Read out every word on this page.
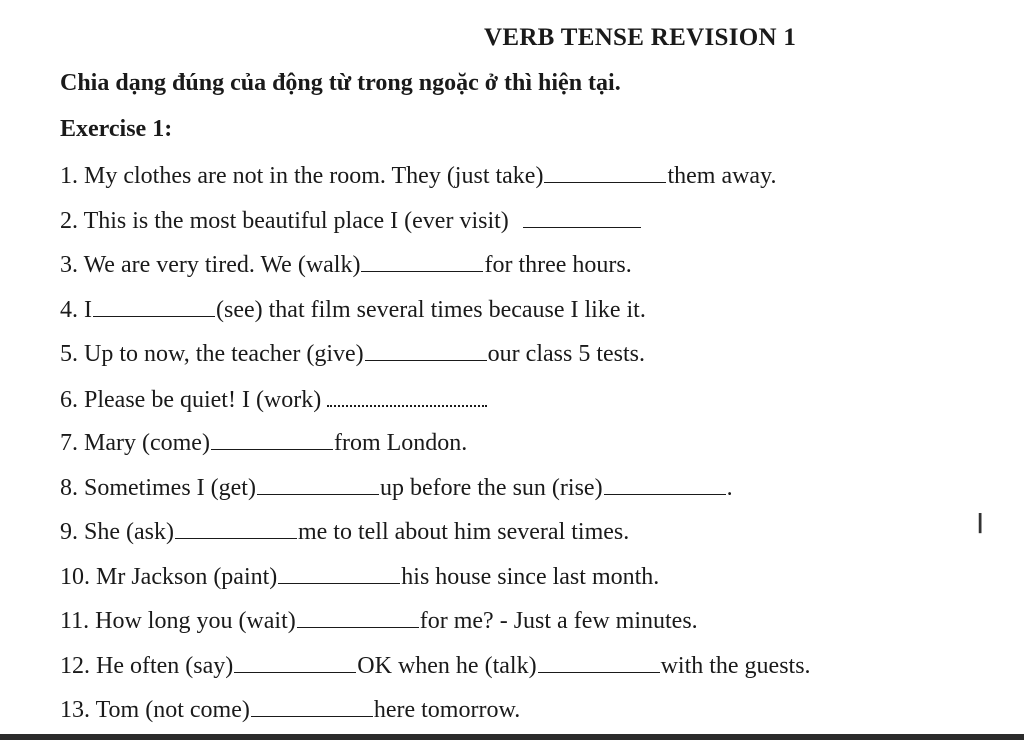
VERB TENSE REVISION 1
Chia dạng đúng của động từ trong ngoặc ở thì hiện tại.
Exercise 1:
1. My clothes are not in the room. They (just take)	them away.
2. This is the most beautiful place I (ever visit)
3. We are very tired. We (walk)	for three hours.
4. I	(see) that film several times because I like it.
5. Up to now, the teacher (give)	our class 5 tests.
6. Please be quiet! I (work)
7. Mary (come)	from London.
8. Sometimes I (get)	up before the sun (rise)	.
9. She (ask)	me to tell about him several times.
10. Mr Jackson (paint)	his house since last month.
11. How long you (wait)	for me? - Just a few minutes.
12. He often (say)	OK when he (talk)	with the guests.
13. Tom (not come)	here tomorrow.
I
